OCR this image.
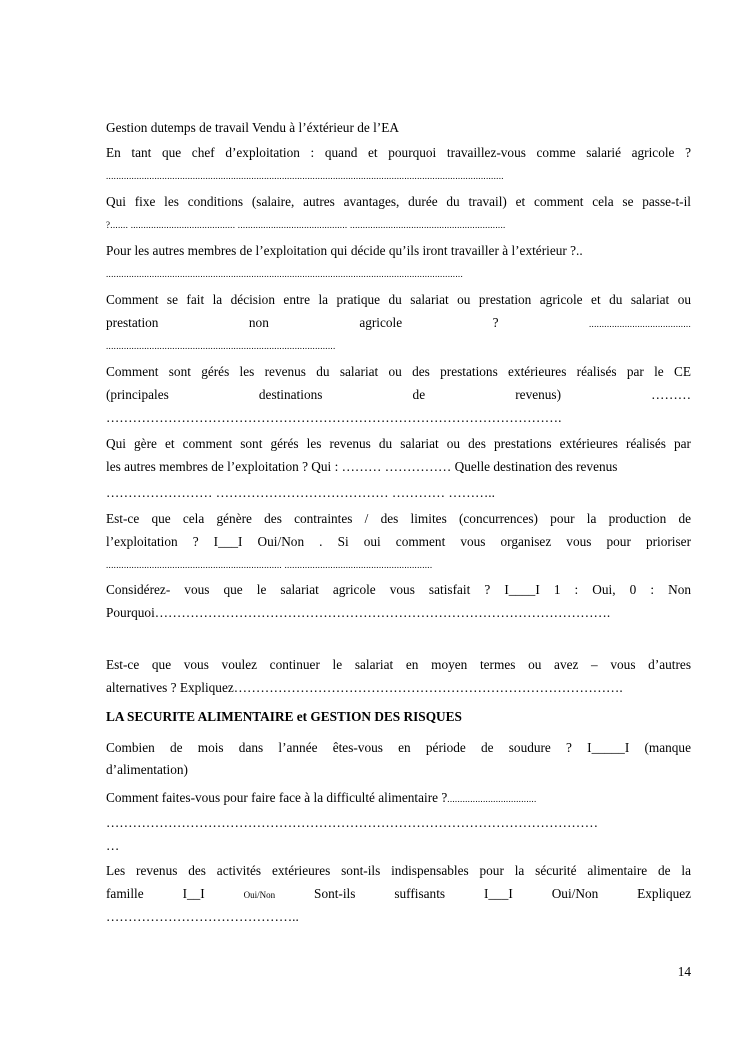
Gestion dutemps de travail Vendu à l’éxtérieur de l’EA

En tant que chef d’exploitation : quand et pourquoi travaillez-vous comme salarié agricole ?

............................................................................................................................................................

Qui fixe les conditions (salaire, autres avantages, durée du travail) et comment cela se passe-t-il

?....... ......................................... ........................................... .............................................................

Pour les autres membres de l’exploitation qui décide qu’ils iront travailler à l’extérieur ?..

............................................................................................................................................

Comment se fait la décision entre la pratique du salariat ou prestation agricole et du salariat ou

prestation	non	agricole ?	........................................

..........................................................................................

Comment sont gérés les revenus du salariat ou des prestations extérieures réalisés par le CE

(principales	destinations	de	revenus)	………

………………………………………………………………………………………….

Qui gère et comment sont gérés les revenus du salariat ou des prestations extérieures réalisés par

les autres membres de l’exploitation ? Qui : ……… …………… Quelle destination des revenus

…………………… ………………………………… ………… ………..

Est-ce que cela génère des contraintes / des limites (concurrences) pour la production de

l’exploitation ? I___I Oui/Non . Si oui comment vous organisez vous pour prioriser

..................................................................... ..........................................................

Considérez- vous que le salariat agricole vous satisfait ? I____I 1 : Oui, 0 : Non

Pourquoi………………………………………………………………………………………….

Est-ce que vous voulez continuer le salariat en moyen termes ou avez – vous d’autres

alternatives ? Expliquez…………………………………………………………………………….

LA SECURITE ALIMENTAIRE et GESTION DES RISQUES

Combien de mois dans l’année êtes-vous en période de soudure ? I_____I (manque

d’alimentation)

Comment faites-vous pour faire face à la difficulté alimentaire ?...................................

…………………………………………………………………………………………………

…

Les revenus des activités extérieures sont-ils indispensables pour la sécurité alimentaire de la

famille	I__I	Oui/Non	Sont-ils	suffisants	I___I	Oui/Non	Expliquez

……………………………………..

14
